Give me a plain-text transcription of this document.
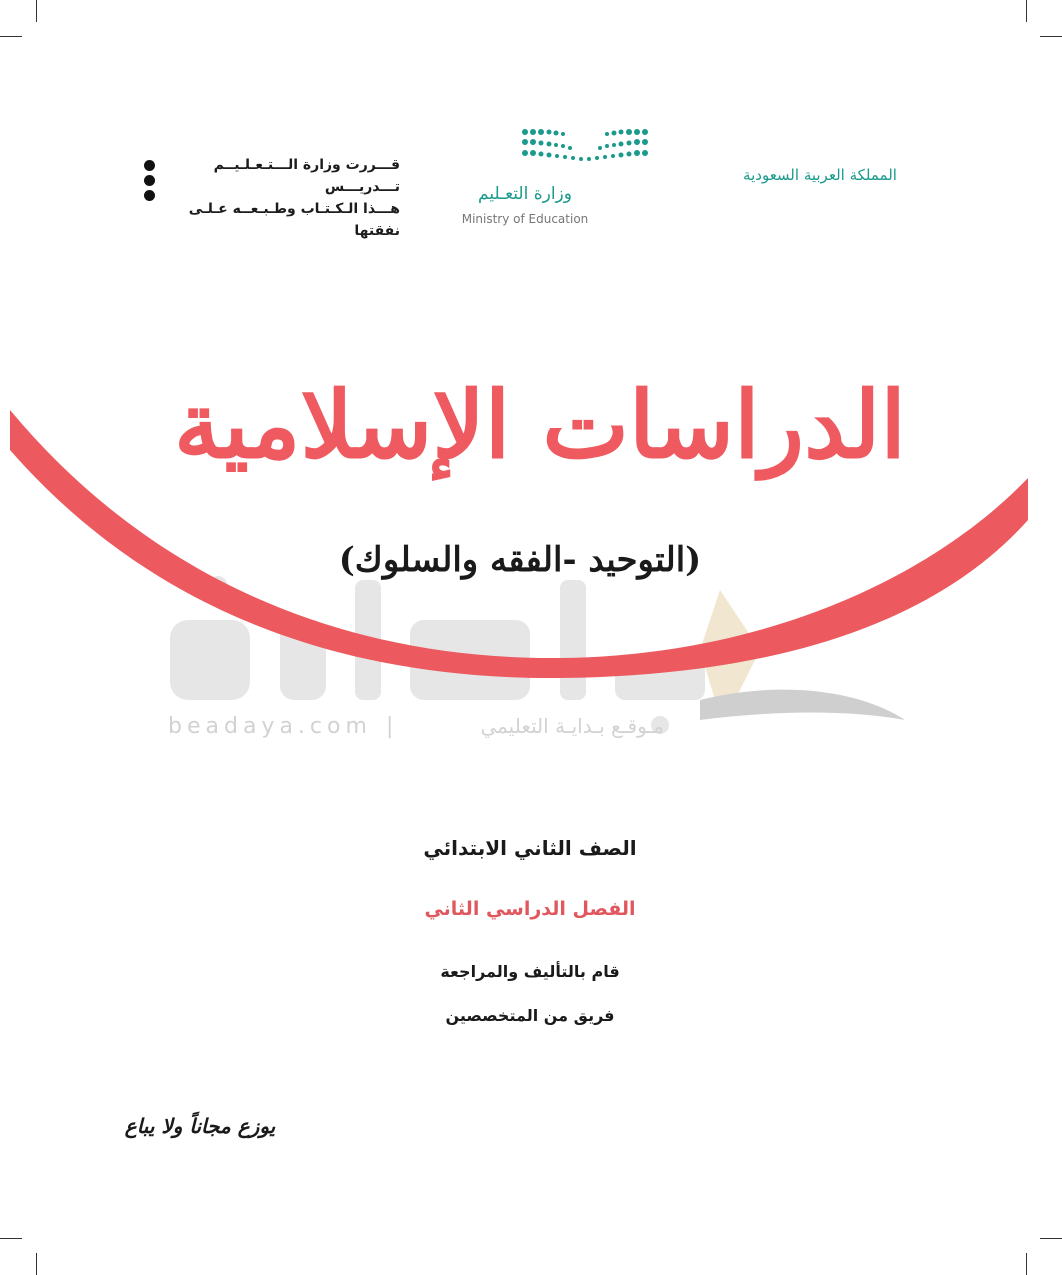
قـــررت وزارة الـــتـعـلـيــم تـــدريـــس
هـــذا الـكـتـاب وطـبـعــه عـلـى نفقتها
وزارة التعـليم
Ministry of Education
المملكة العربية السعودية
الدراسات الإسلامية
(التوحيد -الفقه والسلوك)
beadaya.com |	مـوقـع بـدايـة التعليمي
الصف الثاني الابتدائي
الفصل الدراسي الثاني
قام بالتأليف والمراجعة
فريق من المتخصصين
يوزع مجاناً ولا يباع
